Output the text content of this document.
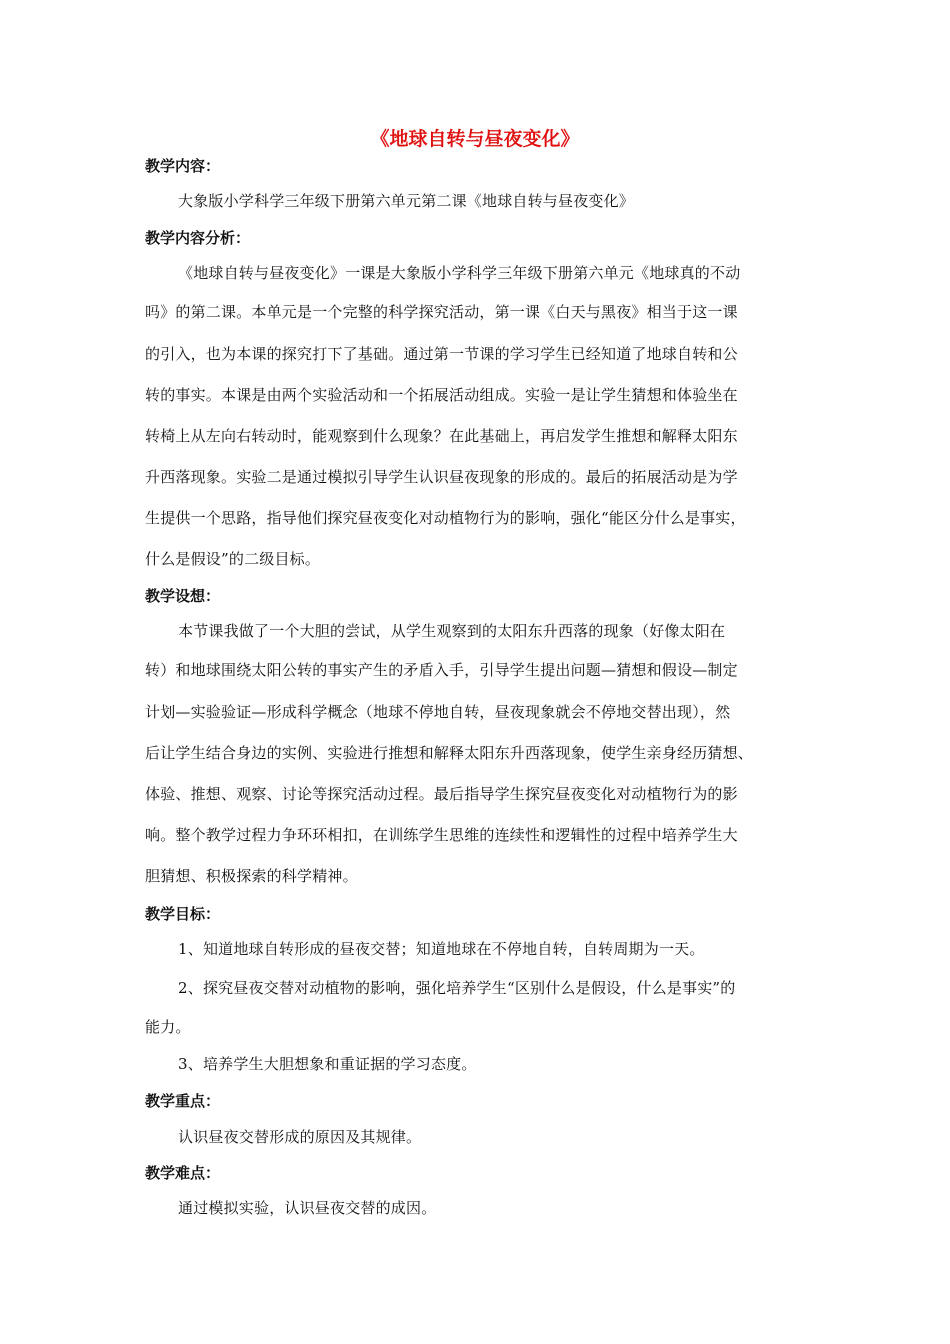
《地球自转与昼夜变化》
教学内容：
大象版小学科学三年级下册第六单元第二课《地球自转与昼夜变化》
教学内容分析：
《地球自转与昼夜变化》一课是大象版小学科学三年级下册第六单元《地球真的不动
吗》的第二课。本单元是一个完整的科学探究活动，第一课《白天与黑夜》相当于这一课
的引入，也为本课的探究打下了基础。通过第一节课的学习学生已经知道了地球自转和公
转的事实。本课是由两个实验活动和一个拓展活动组成。实验一是让学生猜想和体验坐在
转椅上从左向右转动时，能观察到什么现象？在此基础上，再启发学生推想和解释太阳东
升西落现象。实验二是通过模拟引导学生认识昼夜现象的形成的。最后的拓展活动是为学
生提供一个思路，指导他们探究昼夜变化对动植物行为的影响，强化“能区分什么是事实，
什么是假设”的二级目标。
教学设想：
本节课我做了一个大胆的尝试，从学生观察到的太阳东升西落的现象（好像太阳在
转）和地球围绕太阳公转的事实产生的矛盾入手，引导学生提出问题—猜想和假设—制定
计划—实验验证—形成科学概念（地球不停地自转，昼夜现象就会不停地交替出现），然
后让学生结合身边的实例、实验进行推想和解释太阳东升西落现象，使学生亲身经历猜想、
体验、推想、观察、讨论等探究活动过程。最后指导学生探究昼夜变化对动植物行为的影
响。整个教学过程力争环环相扣，在训练学生思维的连续性和逻辑性的过程中培养学生大
胆猜想、积极探索的科学精神。
教学目标：
1、知道地球自转形成的昼夜交替；知道地球在不停地自转，自转周期为一天。
2、探究昼夜交替对动植物的影响，强化培养学生“区别什么是假设，什么是事实”的
能力。
3、培养学生大胆想象和重证据的学习态度。
教学重点：
认识昼夜交替形成的原因及其规律。
教学难点：
通过模拟实验，认识昼夜交替的成因。
